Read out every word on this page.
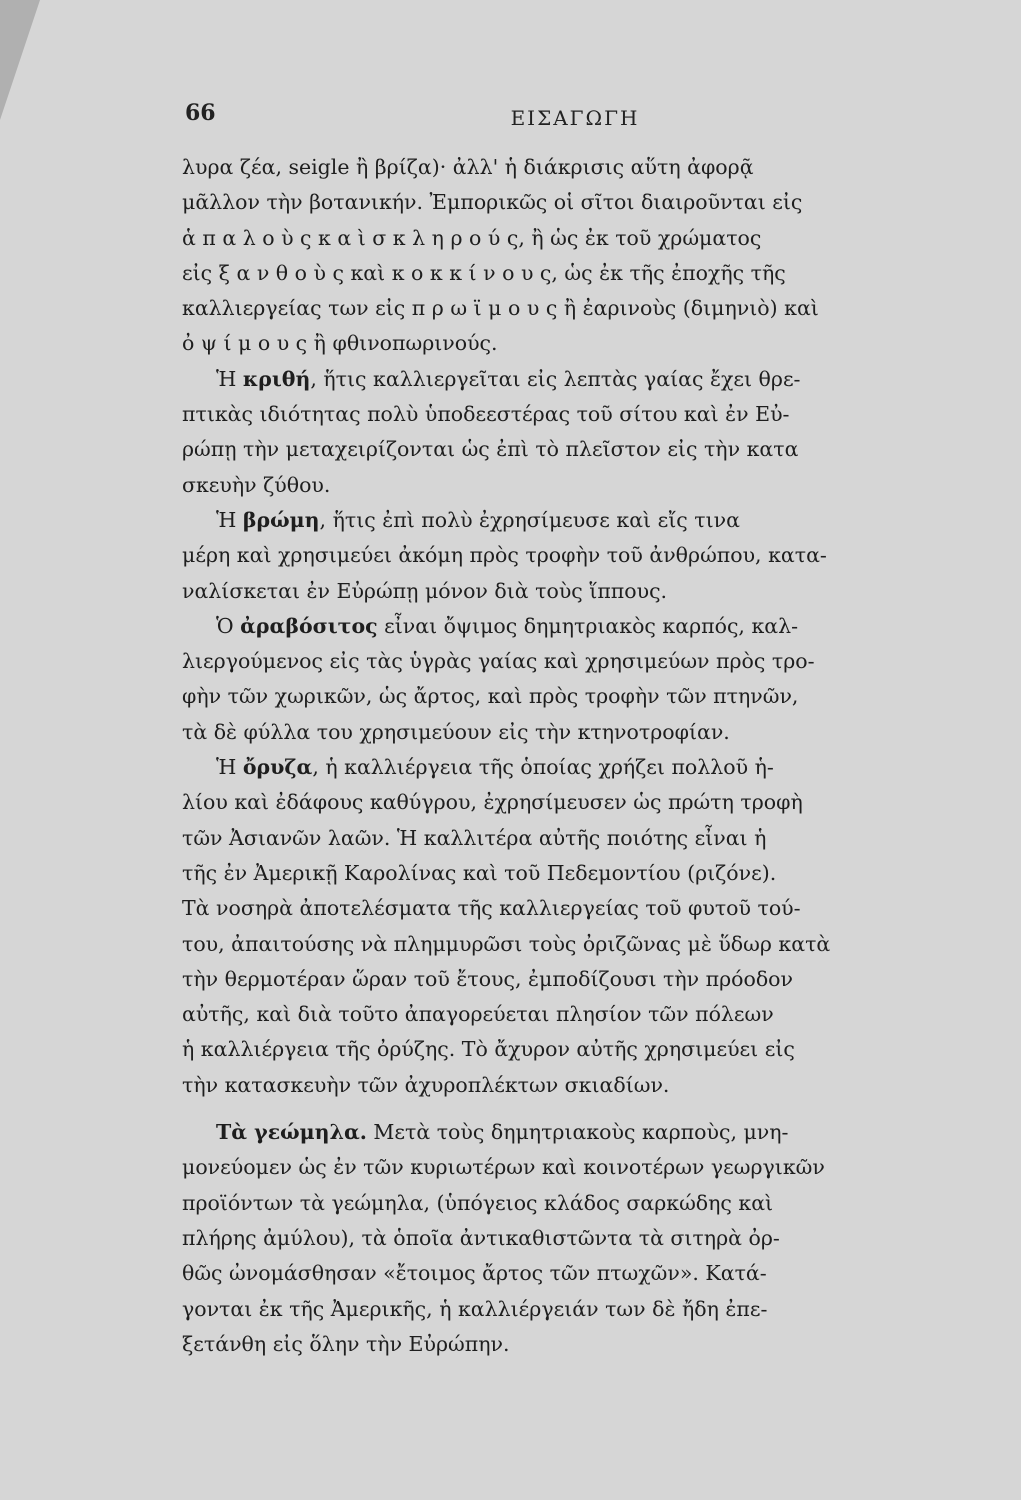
66	ΕΙΣΑΓΩΓΗ
λυρα ζέα, seigle ἢ βρίζα)· ἀλλ' ἡ διάκρισις αὕτη ἀφορᾷ
μᾶλλον τὴν βοτανικήν. Ἐμπορικῶς οἱ σῖτοι διαιροῦνται εἰς
ἁ π α λ ο ὺ ς κ α ὶ σ κ λ η ρ ο ύ ς, ἢ ὡς ἐκ τοῦ χρώματος
εἰς ξ α ν θ ο ὺ ς καὶ κ ο κ κ ί ν ο υ ς, ὡς ἐκ τῆς ἐποχῆς τῆς
καλλιεργείας των εἰς π ρ ω ϊ μ ο υ ς ἢ ἐαρινοὺς (διμηνιὸ) καὶ
ὀ ψ ί μ ο υ ς ἢ φθινοπωρινούς.
Ἡ κριθή, ἥτις καλλιεργεῖται εἰς λεπτὰς γαίας ἔχει θρε-
πτικὰς ιδιότητας πολὺ ὑποδεεστέρας τοῦ σίτου καὶ ἐν Εὐ-
ρώπῃ τὴν μεταχειρίζονται ὡς ἐπὶ τὸ πλεῖστον εἰς τὴν κατα
σκευὴν ζύθου.
Ἡ βρώμη, ἥτις ἐπὶ πολὺ ἐχρησίμευσε καὶ εἴς τινα
μέρη καὶ χρησιμεύει ἀκόμη πρὸς τροφὴν τοῦ ἀνθρώπου, κατα-
ναλίσκεται ἐν Εὐρώπῃ μόνον διὰ τοὺς ἵππους.
Ὁ ἀραβόσιτος εἶναι ὄψιμος δημητριακὸς καρπός, καλ-
λιεργούμενος εἰς τὰς ὑγρὰς γαίας καὶ χρησιμεύων πρὸς τρο-
φὴν τῶν χωρικῶν, ὡς ἄρτος, καὶ πρὸς τροφὴν τῶν πτηνῶν,
τὰ δὲ φύλλα του χρησιμεύουν εἰς τὴν κτηνοτροφίαν.
Ἡ ὄρυζα, ἡ καλλιέργεια τῆς ὁποίας χρήζει πολλοῦ ἡ-
λίου καὶ ἐδάφους καθύγρου, ἐχρησίμευσεν ὡς πρώτη τροφὴ
τῶν Ἀσιανῶν λαῶν. Ἡ καλλιτέρα αὐτῆς ποιότης εἶναι ἡ
τῆς ἐν Ἀμερικῇ Καρολίνας καὶ τοῦ Πεδεμοντίου (ριζόνε).
Τὰ νοσηρὰ ἀποτελέσματα τῆς καλλιεργείας τοῦ φυτοῦ τού-
του, ἀπαιτούσης νὰ πλημμυρῶσι τοὺς ὀριζῶνας μὲ ὕδωρ κατὰ
τὴν θερμοτέραν ὥραν τοῦ ἔτους, ἐμποδίζουσι τὴν πρόοδον
αὐτῆς, καὶ διὰ τοῦτο ἀπαγορεύεται πλησίον τῶν πόλεων
ἡ καλλιέργεια τῆς ὀρύζης. Τὸ ἄχυρον αὐτῆς χρησιμεύει εἰς
τὴν κατασκευὴν τῶν ἀχυροπλέκτων σκιαδίων.
Τὰ γεώμηλα. Μετὰ τοὺς δημητριακοὺς καρποὺς, μνη-
μονεύομεν ὡς ἐν τῶν κυριωτέρων καὶ κοινοτέρων γεωργικῶν
προϊόντων τὰ γεώμηλα, (ὑπόγειος κλάδος σαρκώδης καὶ
πλήρης ἀμύλου), τὰ ὁποῖα ἀντικαθιστῶντα τὰ σιτηρὰ ὀρ-
θῶς ὠνομάσθησαν «ἔτοιμος ἄρτος τῶν πτωχῶν». Κατά-
γονται ἐκ τῆς Ἀμερικῆς, ἡ καλλιέργειάν των δὲ ἤδη ἐπε-
ξετάνθη εἰς ὅλην τὴν Εὐρώπην.
